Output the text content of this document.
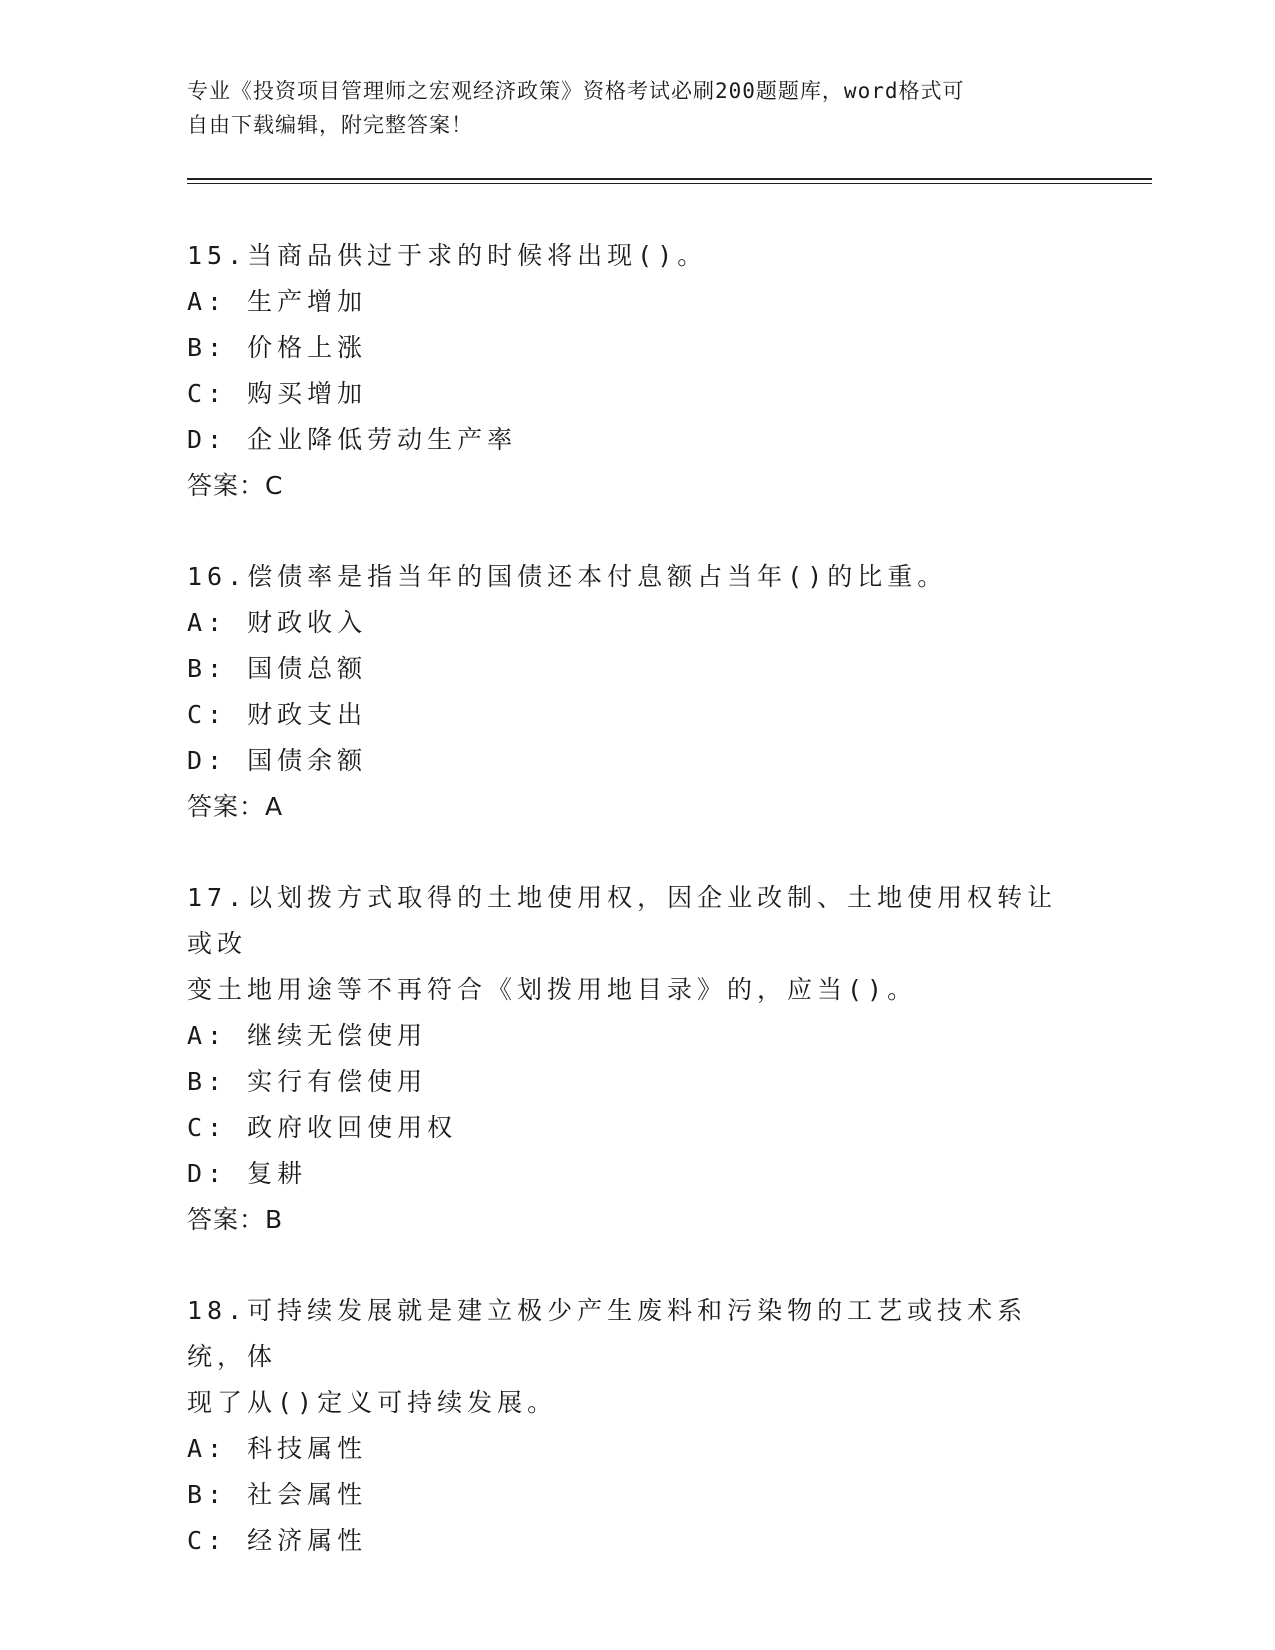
专业《投资项目管理师之宏观经济政策》资格考试必刷200题题库，word格式可
自由下载编辑，附完整答案！
15.当商品供过于求的时候将出现()。
A: 生产增加
B: 价格上涨
C: 购买增加
D: 企业降低劳动生产率
答案：C
16.偿债率是指当年的国债还本付息额占当年()的比重。
A: 财政收入
B: 国债总额
C: 财政支出
D: 国债余额
答案：A
17.以划拨方式取得的土地使用权，因企业改制、土地使用权转让或改
变土地用途等不再符合《划拨用地目录》的，应当()。
A: 继续无偿使用
B: 实行有偿使用
C: 政府收回使用权
D: 复耕
答案：B
18.可持续发展就是建立极少产生废料和污染物的工艺或技术系统，体
现了从()定义可持续发展。
A: 科技属性
B: 社会属性
C: 经济属性
